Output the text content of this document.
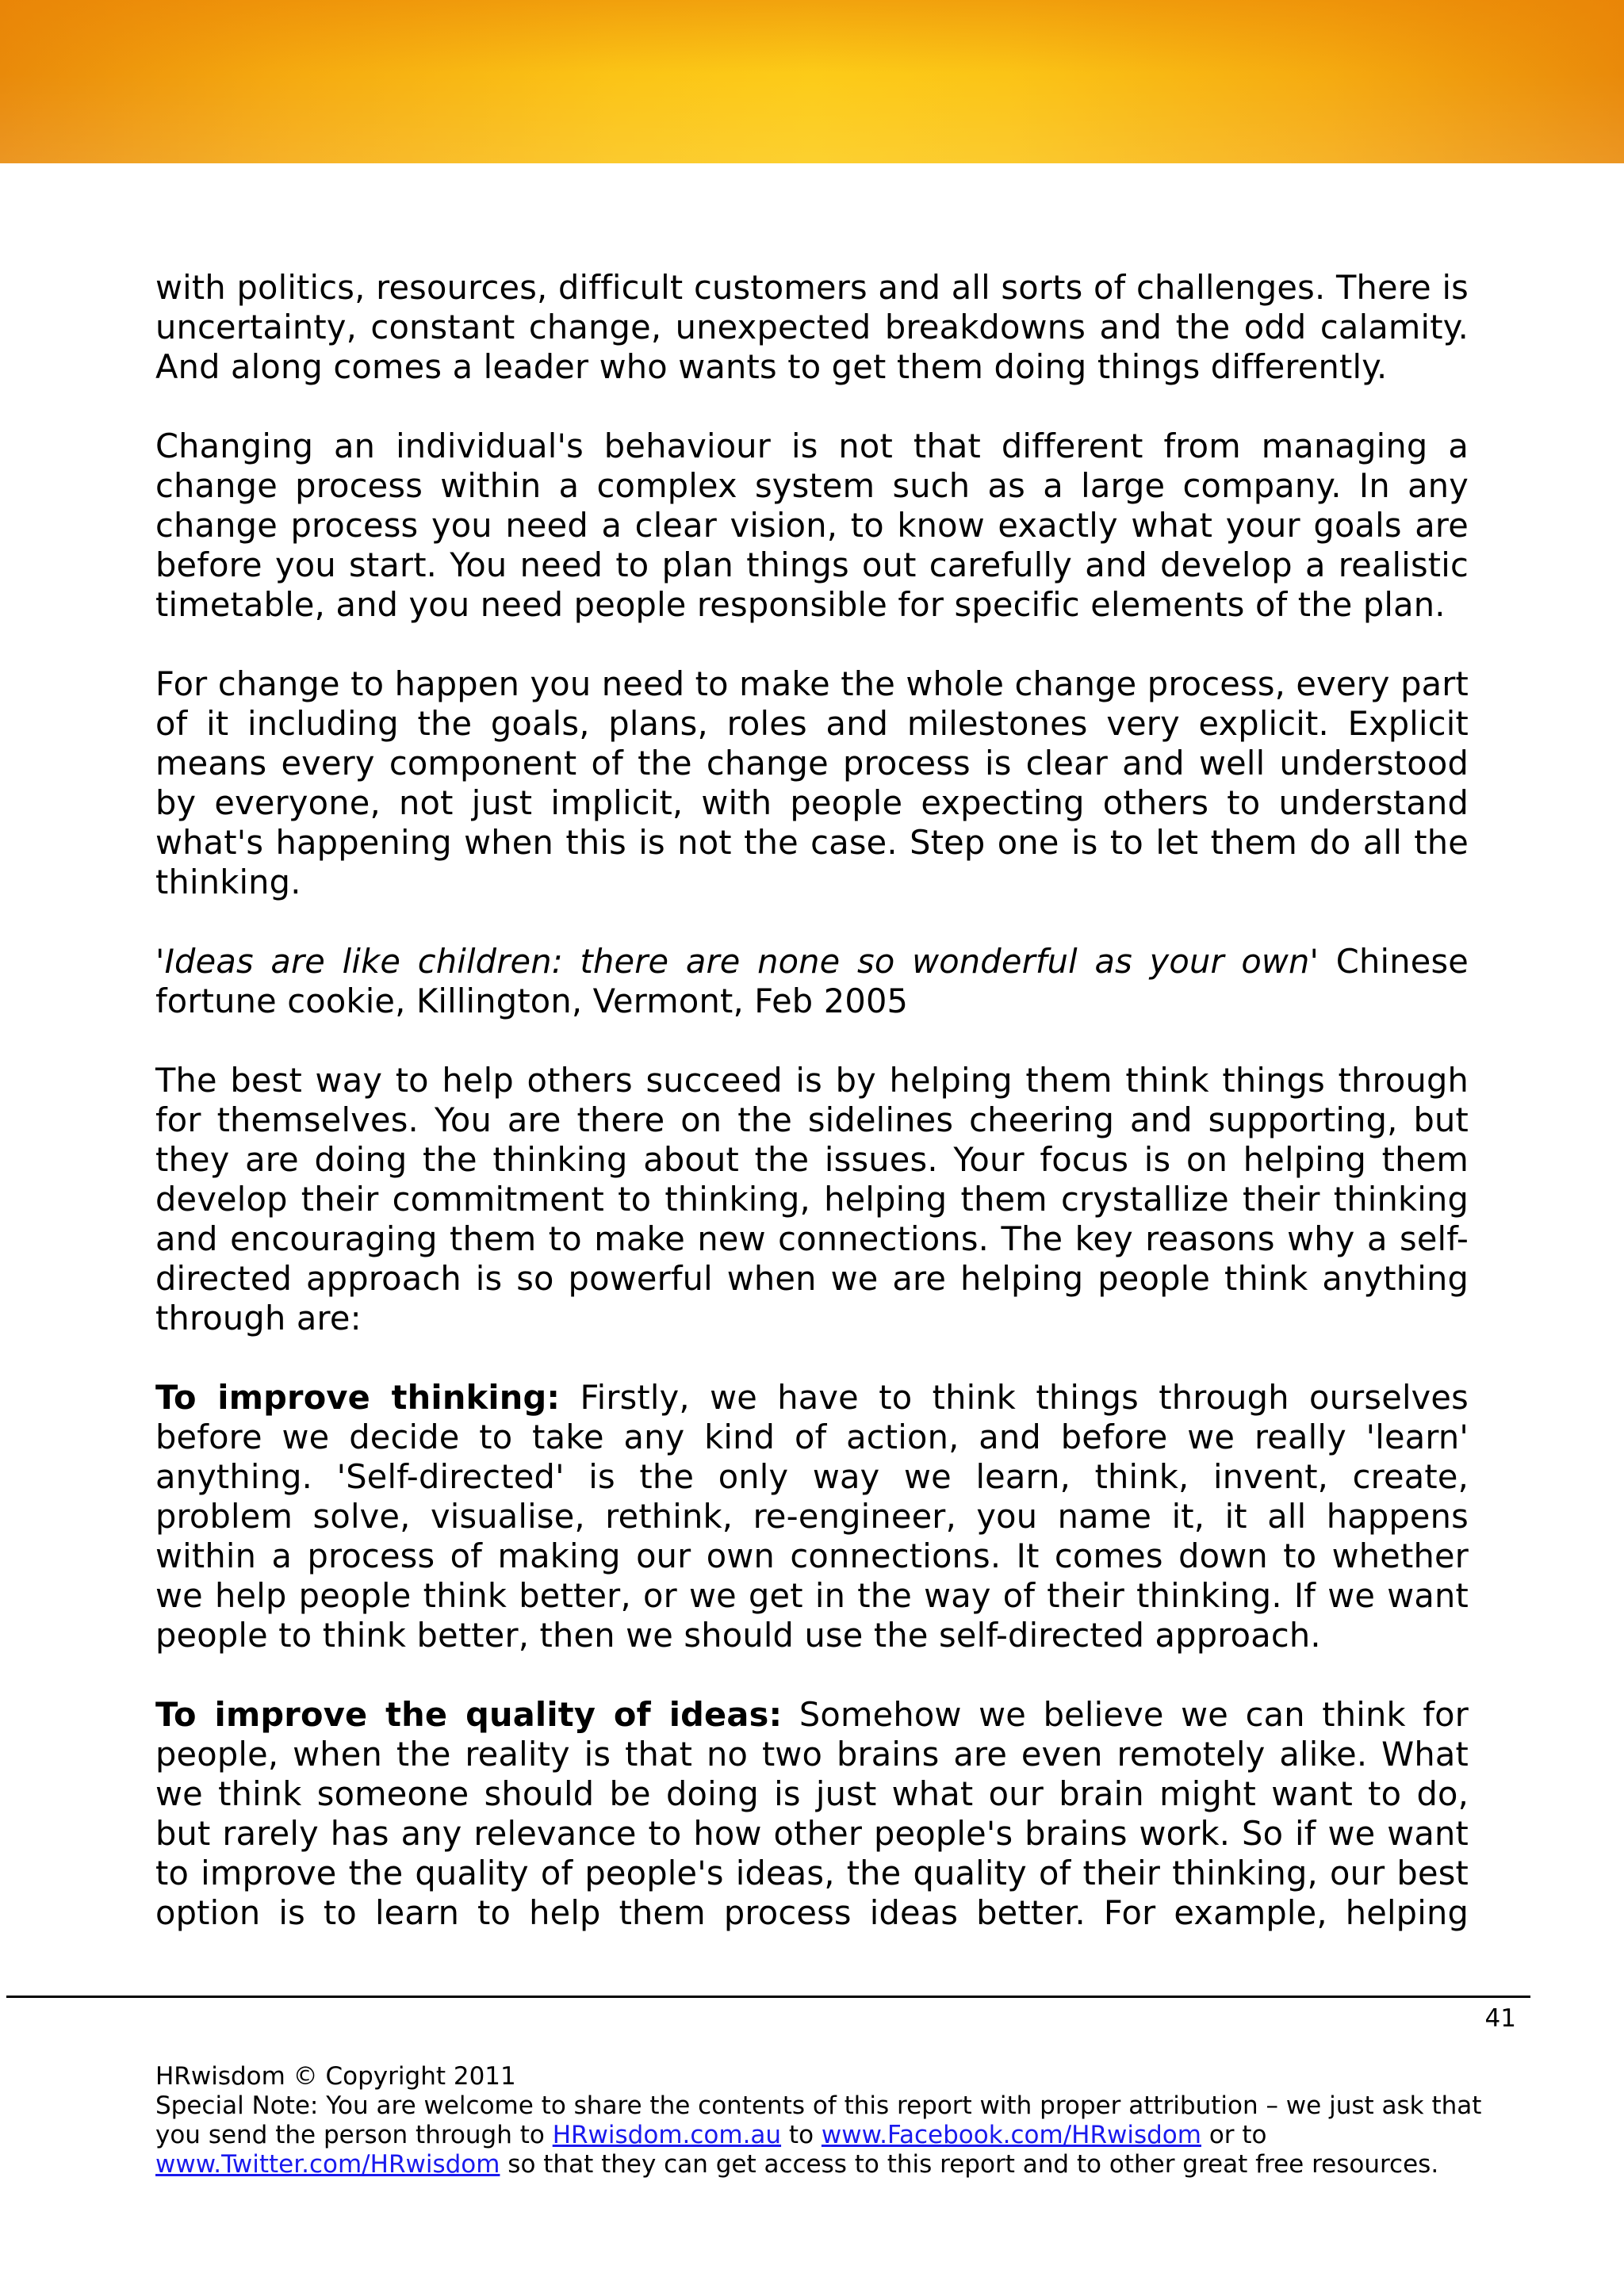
with politics, resources, difficult customers and all sorts of challenges. There is uncertainty, constant change, unexpected breakdowns and the odd calamity. And along comes a leader who wants to get them doing things differently.

Changing an individual's behaviour is not that different from managing a change process within a complex system such as a large company. In any change process you need a clear vision, to know exactly what your goals are before you start. You need to plan things out carefully and develop a realistic timetable, and you need people responsible for specific elements of the plan.

For change to happen you need to make the whole change process, every part of it including the goals, plans, roles and milestones very explicit. Explicit means every component of the change process is clear and well understood by everyone, not just implicit, with people expecting others to understand what's happening when this is not the case. Step one is to let them do all the thinking.

'Ideas are like children: there are none so wonderful as your own' Chinese fortune cookie, Killington, Vermont, Feb 2005

The best way to help others succeed is by helping them think things through for themselves. You are there on the sidelines cheering and supporting, but they are doing the thinking about the issues. Your focus is on helping them develop their commitment to thinking, helping them crystallize their thinking and encouraging them to make new connections. The key reasons why a self-directed approach is so powerful when we are helping people think anything through are:

To improve thinking: Firstly, we have to think things through ourselves before we decide to take any kind of action, and before we really 'learn' anything. 'Self-directed' is the only way we learn, think, invent, create, problem solve, visualise, rethink, re-engineer, you name it, it all happens within a process of making our own connections. It comes down to whether we help people think better, or we get in the way of their thinking. If we want people to think better, then we should use the self-directed approach.

To improve the quality of ideas: Somehow we believe we can think for people, when the reality is that no two brains are even remotely alike. What we think someone should be doing is just what our brain might want to do, but rarely has any relevance to how other people's brains work. So if we want to improve the quality of people's ideas, the quality of their thinking, our best option is to learn to help them process ideas better. For example, helping

41
HRwisdom © Copyright 2011
Special Note: You are welcome to share the contents of this report with proper attribution – we just ask that you send the person through to HRwisdom.com.au to www.Facebook.com/HRwisdom or to www.Twitter.com/HRwisdom so that they can get access to this report and to other great free resources.
